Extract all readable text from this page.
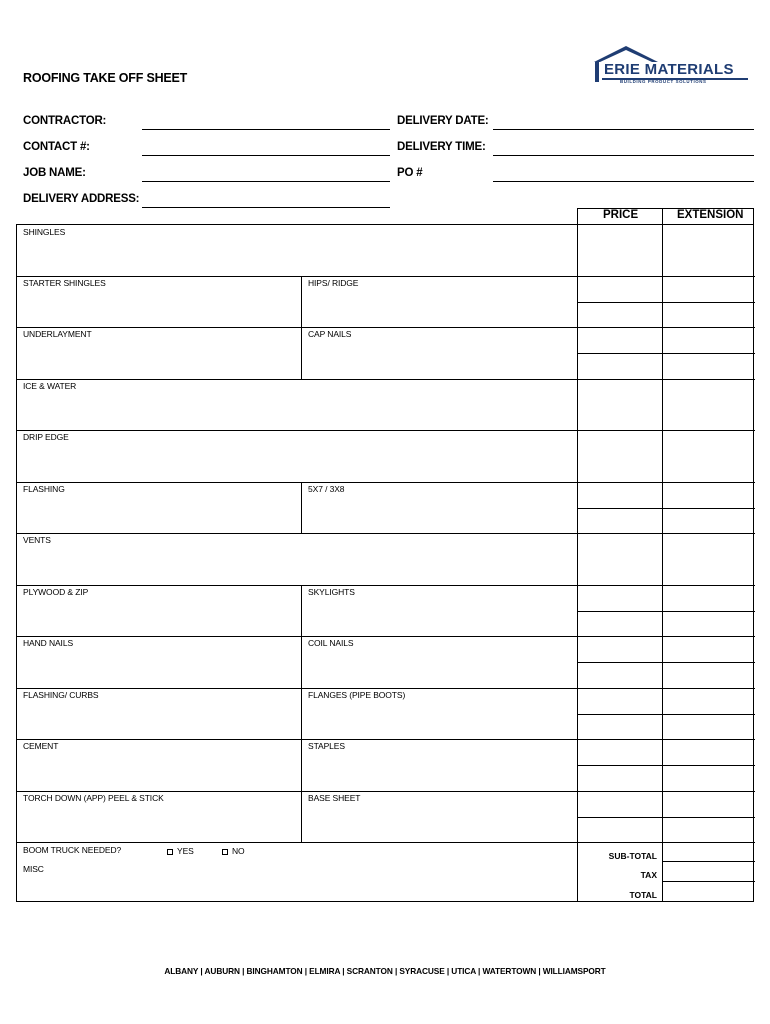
ROOFING TAKE OFF SHEET	ERIE MATERIALS
BUILDING PRODUCT SOLUTIONS
CONTRACTOR:	DELIVERY DATE:
CONTACT #:	DELIVERY TIME:
JOB NAME:	PO #
DELIVERY ADDRESS:
PRICE	EXTENSION
SHINGLES
STARTER SHINGLES	HIPS/ RIDGE
UNDERLAYMENT	CAP NAILS
ICE & WATER
DRIP EDGE
FLASHING	5X7 / 3X8
VENTS
PLYWOOD & ZIP	SKYLIGHTS
HAND NAILS	COIL NAILS
FLASHING/ CURBS	FLANGES (PIPE BOOTS)
CEMENT	STAPLES
TORCH DOWN (APP) PEEL & STICK	BASE SHEET
BOOM TRUCK NEEDED?	YES	NO
MISC
SUB-TOTAL
TAX
TOTAL
ALBANY | AUBURN | BINGHAMTON | ELMIRA | SCRANTON | SYRACUSE | UTICA | WATERTOWN | WILLIAMSPORT
